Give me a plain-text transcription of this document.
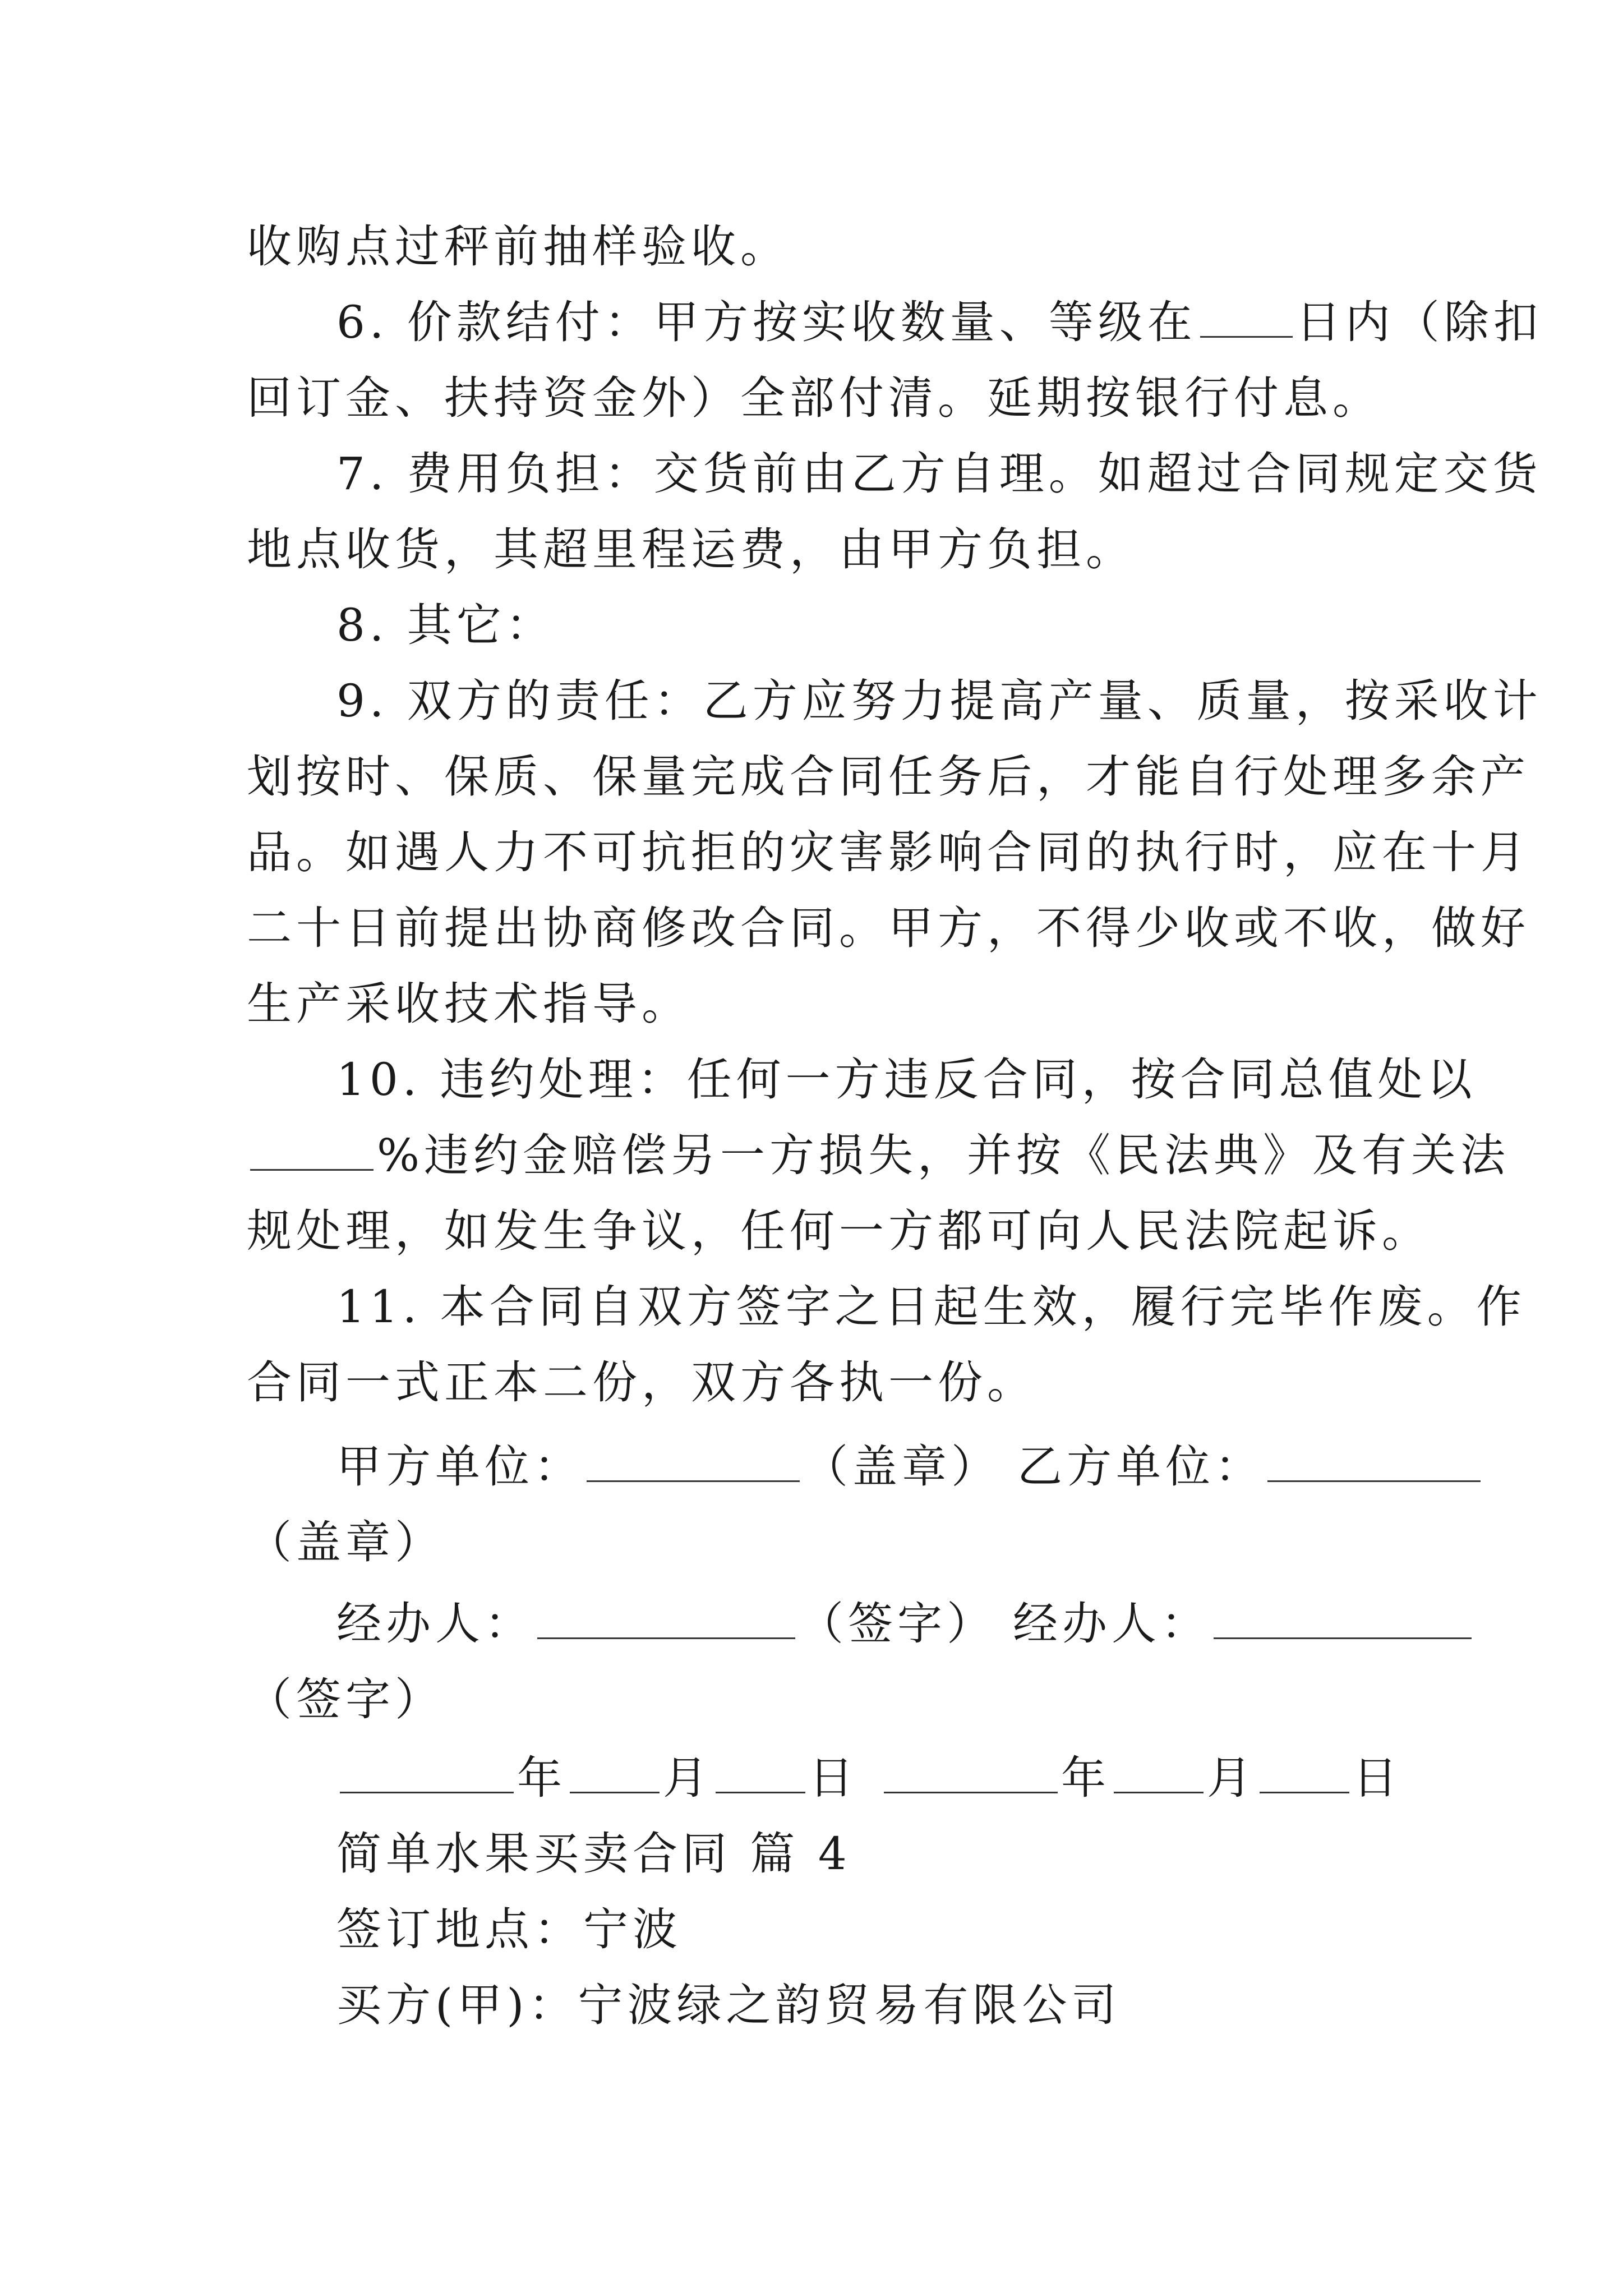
收购点过秤前抽样验收。
6. 价款结付：甲方按实收数量、等级在 日内（除扣
回订金、扶持资金外）全部付清。延期按银行付息。
7. 费用负担：交货前由乙方自理。如超过合同规定交货
地点收货，其超里程运费，由甲方负担。
8. 其它：
9. 双方的责任：乙方应努力提高产量、质量，按采收计
划按时、保质、保量完成合同任务后，才能自行处理多余产
品。如遇人力不可抗拒的灾害影响合同的执行时，应在十月
二十日前提出协商修改合同。甲方，不得少收或不收，做好
生产采收技术指导。
10. 违约处理：任何一方违反合同，按合同总值处以
%违约金赔偿另一方损失，并按《民法典》及有关法
规处理，如发生争议，任何一方都可向人民法院起诉。
11. 本合同自双方签字之日起生效，履行完毕作废。作
合同一式正本二份，双方各执一份。
甲方单位：	（盖章） 乙方单位：
（盖章）
经办人：	（签字） 经办人：
（签字）
年 月 日	年 月 日
简单水果买卖合同 篇 4
签订地点：宁波
买方(甲)：宁波绿之韵贸易有限公司
